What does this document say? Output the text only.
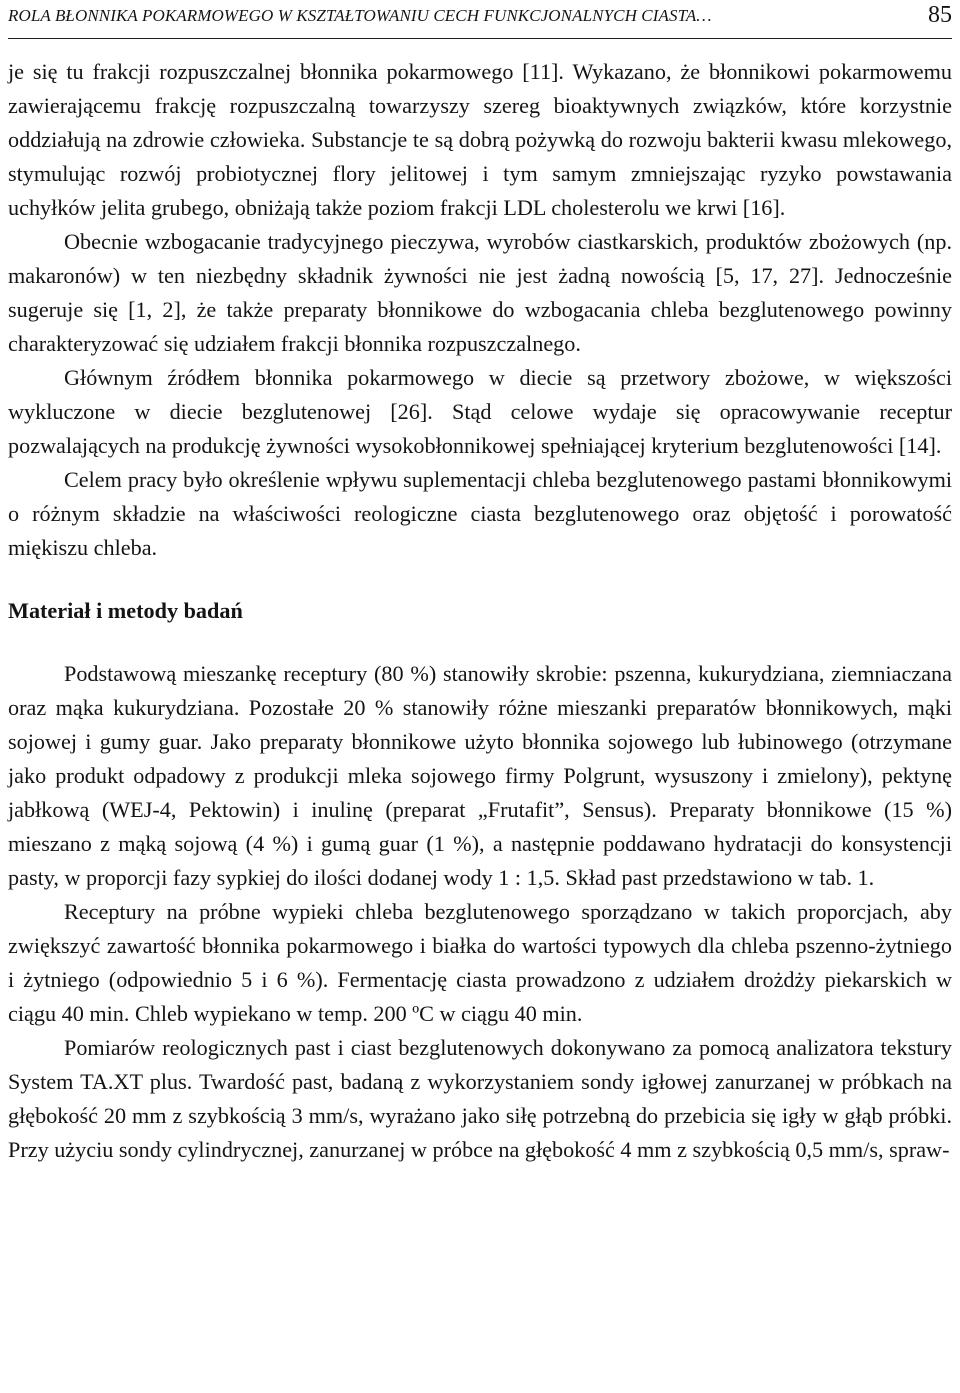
ROLA BŁONNIKA POKARMOWEGO W KSZTAŁTOWANIU CECH FUNKCJONALNYCH CIASTA…	85

je się tu frakcji rozpuszczalnej błonnika pokarmowego [11]. Wykazano, że błonnikowi pokarmowemu zawierającemu frakcję rozpuszczalną towarzyszy szereg bioaktywnych związków, które korzystnie oddziałują na zdrowie człowieka. Substancje te są dobrą pożywką do rozwoju bakterii kwasu mlekowego, stymulując rozwój probiotycznej flory jelitowej i tym samym zmniejszając ryzyko powstawania uchyłków jelita grubego, obniżają także poziom frakcji LDL cholesterolu we krwi [16].

Obecnie wzbogacanie tradycyjnego pieczywa, wyrobów ciastkarskich, produktów zbożowych (np. makaronów) w ten niezbędny składnik żywności nie jest żadną nowością [5, 17, 27]. Jednocześnie sugeruje się [1, 2], że także preparaty błonnikowe do wzbogacania chleba bezglutenowego powinny charakteryzować się udziałem frakcji błonnika rozpuszczalnego.

Głównym źródłem błonnika pokarmowego w diecie są przetwory zbożowe, w większości wykluczone w diecie bezglutenowej [26]. Stąd celowe wydaje się opracowywanie receptur pozwalających na produkcję żywności wysokobłonnikowej spełniającej kryterium bezglutenowości [14].

Celem pracy było określenie wpływu suplementacji chleba bezglutenowego pastami błonnikowymi o różnym składzie na właściwości reologiczne ciasta bezglutenowego oraz objętość i porowatość miękiszu chleba.

Materiał i metody badań

Podstawową mieszankę receptury (80 %) stanowiły skrobie: pszenna, kukurydziana, ziemniaczana oraz mąka kukurydziana. Pozostałe 20 % stanowiły różne mieszanki preparatów błonnikowych, mąki sojowej i gumy guar. Jako preparaty błonnikowe użyto błonnika sojowego lub łubinowego (otrzymane jako produkt odpadowy z produkcji mleka sojowego firmy Polgrunt, wysuszony i zmielony), pektynę jabłkową (WEJ-4, Pektowin) i inulinę (preparat „Frutafit”, Sensus). Preparaty błonnikowe (15 %) mieszano z mąką sojową (4 %) i gumą guar (1 %), a następnie poddawano hydratacji do konsystencji pasty, w proporcji fazy sypkiej do ilości dodanej wody 1 : 1,5. Skład past przedstawiono w tab. 1.

Receptury na próbne wypieki chleba bezglutenowego sporządzano w takich proporcjach, aby zwiększyć zawartość błonnika pokarmowego i białka do wartości typowych dla chleba pszenno-żytniego i żytniego (odpowiednio 5 i 6 %). Fermentację ciasta prowadzono z udziałem drożdży piekarskich w ciągu 40 min. Chleb wypiekano w temp. 200 ºC w ciągu 40 min.

Pomiarów reologicznych past i ciast bezglutenowych dokonywano za pomocą analizatora tekstury System TA.XT plus. Twardość past, badaną z wykorzystaniem sondy igłowej zanurzanej w próbkach na głębokość 20 mm z szybkością 3 mm/s, wyrażano jako siłę potrzebną do przebicia się igły w głąb próbki. Przy użyciu sondy cylindrycznej, zanurzanej w próbce na głębokość 4 mm z szybkością 0,5 mm/s, spraw-
